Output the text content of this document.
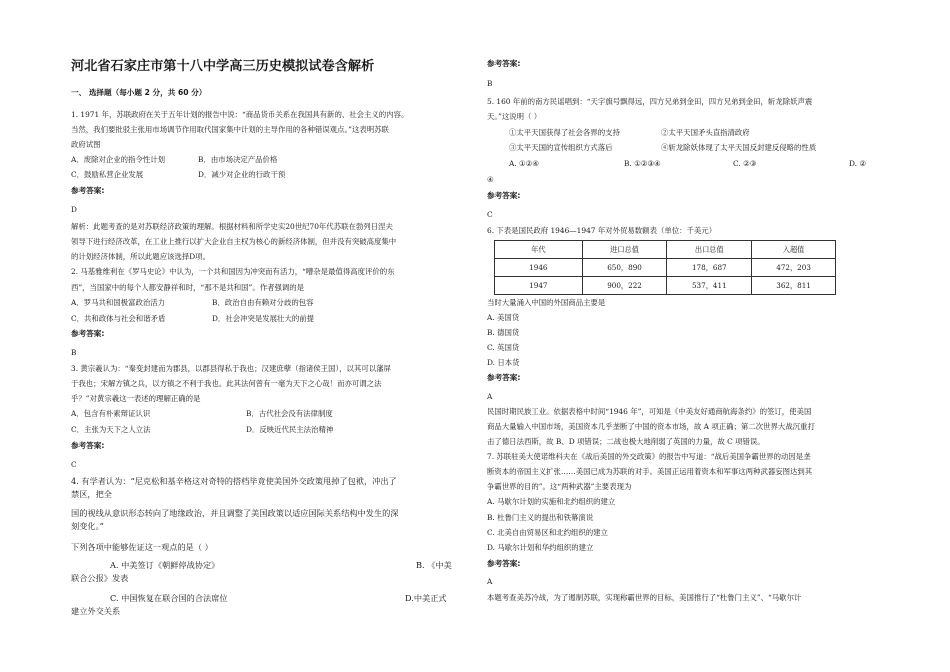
河北省石家庄市第十八中学高三历史模拟试卷含解析
一、 选择题（每小题 2 分，共 60 分）
1. 1971 年，苏联政府在关于五年计划的报告中说：“商品货币关系在我国具有新的、社会主义的内容。
当然，我们要批驳主张用市场调节作用取代国家集中计划的主导作用的各种错误观点。”这表明苏联
政府试图
A．废除对企业的指令性计划	B．由市场决定产品价格
C．鼓励私营企业发展	D．减少对企业的行政干预
参考答案:
D
解析：此题考查的是对苏联经济政策的理解。根据材料和所学史实20世纪70年代苏联在勃列日涅夫
领导下进行经济改革，在工业上推行以扩大企业自主权为核心的新经济体制，但并没有突破高度集中
的计划经济体制，所以此题应该选择D项。
2. 马基雅维利在《罗马史论》中认为，一个共和国因为冲突而有活力，“嘈杂是最值得高度评价的东
西”，当国家中的每个人都安静祥和时，“那不是共和国”。作者强调的是
A．罗马共和国极富政治活力	B．政治自由有赖对分歧的包容
C．共和政体与社会和谐矛盾	D．社会冲突是发展壮大的前提
参考答案:
B
3. 黄宗羲认为：“秦变封建而为郡县，以郡县得私于我也；汉建庶孽（指诸侯王国），以其可以藩屏
于我也；宋解方镇之兵，以方镇之不利于我也。此其法何曾有一毫为天下之心哉！而亦可谓之法
乎？”对黄宗羲这一表述的理解正确的是
A．包含有朴素辩证认识	B．古代社会没有法律制度
C．主张为天下之人立法	D．反映近代民主法治精神
参考答案:
C
4. 有学者认为：“尼克松和基辛格这对奇特的搭档毕竟使美国外交政策甩掉了包袱，冲出了
禁区，把全
国的视线从意识形态转向了地缘政治，并且调整了美国政策以适应国际关系结构中发生的深
刻变化。”
下列各项中能够佐证这一观点的是（ ）
A. 中美签订《朝鲜停战协定》	B. 《中美
联合公报》发表
C. 中国恢复在联合国的合法席位	D.中美正式
建立外交关系
参考答案:
B
5. 160 年前的南方民谣唱到：“天字旗号飘得远，四方兄弟到金田，四方兄弟到金田，斩龙除妖声震
天。”这说明（ ）
①太平天国获得了社会各界的支持	②太平天国矛头直指清政府
③太平天国的宣传组织方式落后	④斩龙除妖体现了太平天国反封建反侵略的性质
A. ①②④	B. ①②③④	C. ②③	D. ②
④
参考答案:
C
6. 下表是国民政府 1946—1947 年对外贸易数额表（单位：千美元）
年代	进口总值	出口总值	入超值
1946	650，890	178，687	472，203
1947	900，222	537，411	362，811
当时大量涌入中国的外国商品主要是
A. 美国货
B. 德国货
C. 英国货
D. 日本货
参考答案:
A
民国时期民族工业。依据表格中时间“1946 年”，可知是《中美友好通商航海条约》的签订，使美国
商品大量输入中国市场，美国资本几乎垄断了中国的资本市场，故 A 项正确；第二次世界大战沉重打
击了德日法西斯，故 B、D 项错误；二战也极大地削弱了英国的力量，故 C 项错误。
7. 苏联驻美大使诺维科夫在《战后美国的外交政策》的报告中写道：“战后美国争霸世界的动因是垄
断资本的帝国主义扩张……美国已成为苏联的对手。美国正运用着资本和军事这两种武器妄图达到其
争霸世界的目的”。这“两种武器”主要表现为
A. 马歇尔计划的实施和北约组织的建立
B. 杜鲁门主义的提出和铁幕演说
C. 北美自由贸易区和北约组织的建立
D. 马歇尔计划和华约组织的建立
参考答案:
A
本题考查美苏冷战，为了遏制苏联，实现称霸世界的目标，美国推行了“杜鲁门主义”、“马歇尔计
